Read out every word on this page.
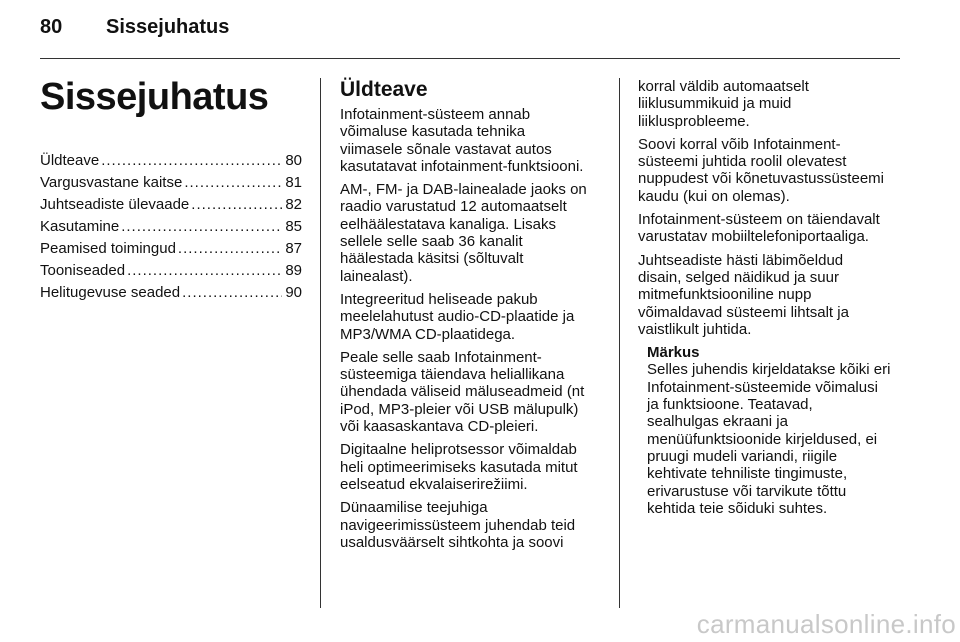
80 Sissejuhatus
Sissejuhatus
Üldteave .....	80
Vargusvastane kaitse .....	81
Juhtseadiste ülevaade .....	82
Kasutamine .....	85
Peamised toimingud .....	87
Tooniseaded .....	89
Helitugevuse seaded .....	90
Üldteave

Infotainment-süsteem annab
võimaluse kasutada tehnika
viimasele sõnale vastavat autos
kasutatavat infotainment-funktsiooni.

AM-, FM- ja DAB-lainealade jaoks on
raadio varustatud 12 automaatselt
eelhäälestatava kanaliga. Lisaks
sellele selle saab 36 kanalit
häälestada käsitsi (sõltuvalt
lainealast).

Integreeritud heliseade pakub
meelelahutust audio-CD-plaatide ja
MP3/WMA CD-plaatidega.

Peale selle saab Infotainment-
süsteemiga täiendava heliallikana
ühendada väliseid mäluseadmeid (nt
iPod, MP3-pleier või USB mälupulk)
või kaasaskantava CD-pleieri.

Digitaalne heliprotsessor võimaldab
heli optimeerimiseks kasutada mitut
eelseatud ekvalaiserirežiimi.

Dünaamilise teejuhiga
navigeerimissüsteem juhendab teid
usaldusväärselt sihtkohta ja soovi

korral väldib automaatselt
liiklusummikuid ja muid
liiklusprobleeme.

Soovi korral võib Infotainment-
süsteemi juhtida roolil olevatest
nuppudest või kõnetuvastussüsteemi
kaudu (kui on olemas).

Infotainment-süsteem on täiendavalt
varustatav mobiiltelefoniportaaliga.

Juhtseadiste hästi läbimõeldud
disain, selged näidikud ja suur
mitmefunktsiooniline nupp
võimaldavad süsteemi lihtsalt ja
vaistlikult juhtida.

Märkus
Selles juhendis kirjeldatakse kõiki eri
Infotainment-süsteemide võimalusi
ja funktsioone. Teatavad,
sealhulgas ekraani ja
menüüfunktsioonide kirjeldused, ei
pruugi mudeli variandi, riigile
kehtivate tehniliste tingimuste,
erivarustuse või tarvikute tõttu
kehtida teie sõiduki suhtes.
carmanualsonline.info
